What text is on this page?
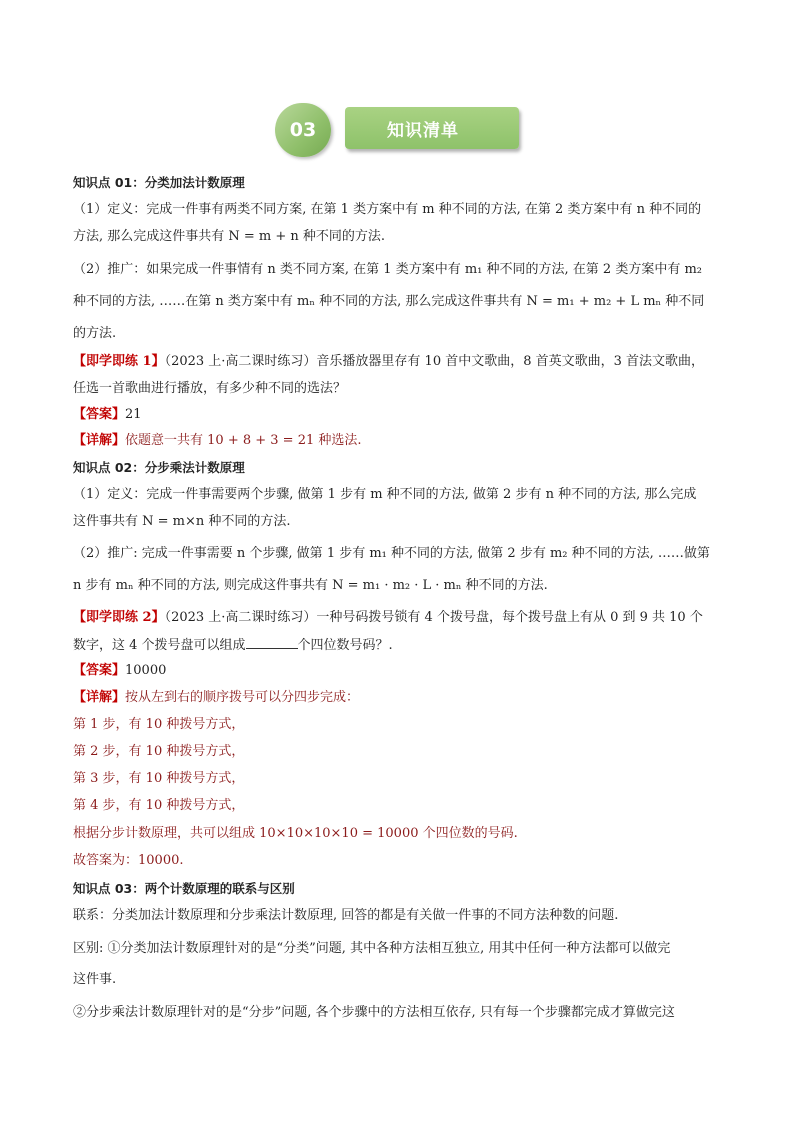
03	知识清单
知识点 01：分类加法计数原理
（1）定义：完成一件事有两类不同方案, 在第 1 类方案中有 m 种不同的方法, 在第 2 类方案中有 n 种不同的
方法, 那么完成这件事共有 N = m + n 种不同的方法.
（2）推广：如果完成一件事情有 n 类不同方案, 在第 1 类方案中有 m₁ 种不同的方法, 在第 2 类方案中有 m₂
种不同的方法, ……在第 n 类方案中有 mₙ 种不同的方法, 那么完成这件事共有 N = m₁ + m₂ + L mₙ 种不同
的方法.
【即学即练 1】（2023 上·高二课时练习）音乐播放器里存有 10 首中文歌曲，8 首英文歌曲，3 首法文歌曲，
任选一首歌曲进行播放，有多少种不同的选法？
【答案】21
【详解】依题意一共有 10 + 8 + 3 = 21 种选法.
知识点 02：分步乘法计数原理
（1）定义：完成一件事需要两个步骤, 做第 1 步有 m 种不同的方法, 做第 2 步有 n 种不同的方法, 那么完成
这件事共有 N = m×n 种不同的方法.
（2）推广: 完成一件事需要 n 个步骤, 做第 1 步有 m₁ 种不同的方法, 做第 2 步有 m₂ 种不同的方法, ……做第
n 步有 mₙ 种不同的方法, 则完成这件事共有 N = m₁ · m₂ · L · mₙ 种不同的方法.
【即学即练 2】（2023 上·高二课时练习）一种号码拨号锁有 4 个拨号盘，每个拨号盘上有从 0 到 9 共 10 个
数字，这 4 个拨号盘可以组成	个四位数号码？.
【答案】10000
【详解】按从左到右的顺序拨号可以分四步完成：
第 1 步，有 10 种拨号方式，
第 2 步，有 10 种拨号方式，
第 3 步，有 10 种拨号方式，
第 4 步，有 10 种拨号方式，
根据分步计数原理，共可以组成 10×10×10×10 = 10000 个四位数的号码.
故答案为：10000.
知识点 03：两个计数原理的联系与区别
联系：分类加法计数原理和分步乘法计数原理, 回答的都是有关做一件事的不同方法种数的问题.
区别: ①分类加法计数原理针对的是“分类”问题, 其中各种方法相互独立, 用其中任何一种方法都可以做完
这件事.
②分步乘法计数原理针对的是“分步”问题, 各个步骤中的方法相互依存, 只有每一个步骤都完成才算做完这
